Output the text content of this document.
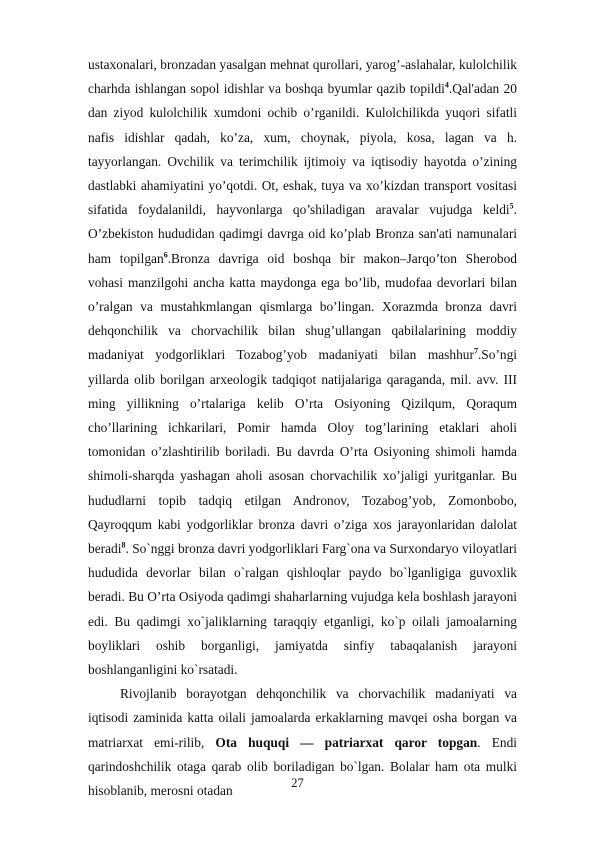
ustaxonalari, bronzadan yasalgan mehnat qurollari, yarog’-aslahalar, kulolchilik charhda ishlangan sopol idishlar va boshqa byumlar qazib topildi$^4$.Qal'adan 20 dan ziyod kulolchilik xumdoni ochib o’rganildi. Kulolchilikda yuqori sifatli nafis idishlar qadah, ko’za, xum, choynak, piyola, kosa, lagan va h. tayyorlangan. Ovchilik va terimchilik ijtimoiy va iqtisodiy hayotda o’zining dastlabki ahamiyatini yo’qotdi. Ot, eshak, tuya va xo’kizdan transport vositasi sifatida foydalanildi, hayvonlarga qo’shiladigan aravalar vujudga keldi$^5$. O’zbekiston hududidan qadimgi davrga oid ko’plab Bronza san'ati namunalari ham topilgan$^6$.Bronza davriga oid boshqa bir makon–Jarqo’ton Sherobod vohasi manzilgohi ancha katta maydonga ega bo’lib, mudofaa devorlari bilan o’ralgan va mustahkmlangan qismlarga bo’lingan. Xorazmda bronza davri dehqonchilik va chorvachilik bilan shug’ullangan qabilalarining moddiy madaniyat yodgorliklari Tozabog’yob madaniyati bilan mashhur$^7$.So’ngi yillarda olib borilgan arxeologik tadqiqot natijalariga qaraganda, mil. avv. III ming yillikning o’rtalariga kelib O’rta Osiyoning Qizilqum, Qoraqum cho’llarining ichkarilari, Pomir hamda Oloy tog’larining etaklari aholi tomonidan o’zlashtirilib boriladi. Bu davrda O’rta Osiyoning shimoli hamda shimoli-sharqda yashagan aholi asosan chorvachilik xo’jaligi yuritganlar. Bu hududlarni topib tadqiq etilgan Andronov, Tozabog’yob, Zomonbobo, Qayroqqum kabi yodgorliklar bronza davri o’ziga xos jarayonlaridan dalolat beradi$^8$. So`nggi bronza davri yodgorliklari Farg`ona va Surxondaryo viloyatlari hududida devorlar bilan o`ralgan qishloqlar paydo bo`lganligiga guvoxlik beradi. Bu O’rta Osiyoda qadimgi shaharlarning vujudga kela boshlash jarayoni edi. Bu qadimgi xo`jaliklarning taraqqiy etganligi, ko`p oilali jamoalarning boyliklari oshib borganligi, jamiyatda sinfiy tabaqalanish jarayoni boshlanganligini ko`rsatadi.

Rivojlanib borayotgan dehqonchilik va chorvachilik madaniyati va iqtisodi zaminida katta oilali jamoalarda erkaklarning mavqei osha borgan va matriarxat emi-rilib, Ota huquqi — patriarxat qaror topgan. Endi qarindoshchilik otaga qarab olib boriladigan bo`lgan. Bolalar ham ota mulki hisoblanib, merosni otadan

27
